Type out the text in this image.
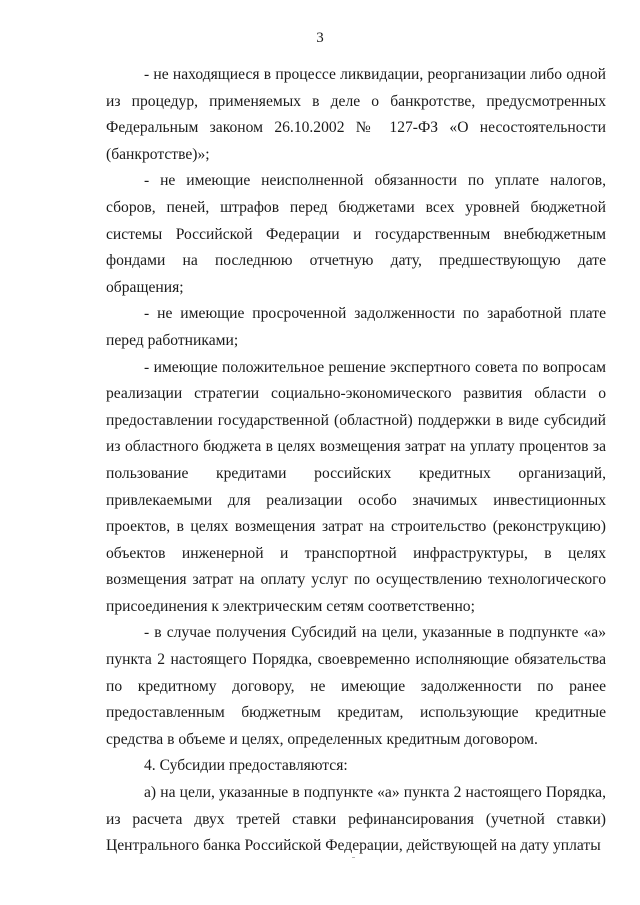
3

- не находящиеся в процессе ликвидации, реорганизации либо одной из процедур, применяемых в деле о банкротстве, предусмотренных Федеральным законом 26.10.2002 № 127-ФЗ «О несостоятельности (банкротстве)»;

- не имеющие неисполненной обязанности по уплате налогов, сборов, пеней, штрафов перед бюджетами всех уровней бюджетной системы Российской Федерации и государственным внебюджетным фондами на последнюю отчетную дату, предшествующую дате обращения;

- не имеющие просроченной задолженности по заработной плате перед работниками;

- имеющие положительное решение экспертного совета по вопросам реализации стратегии социально-экономического развития области о предоставлении государственной (областной) поддержки в виде субсидий из областного бюджета в целях возмещения затрат на уплату процентов за пользование кредитами российских кредитных организаций, привлекаемыми для реализации особо значимых инвестиционных проектов, в целях возмещения затрат на строительство (реконструкцию) объектов инженерной и транспортной инфраструктуры, в целях возмещения затрат на оплату услуг по осуществлению технологического присоединения к электрическим сетям соответственно;

- в случае получения Субсидий на цели, указанные в подпункте «а» пункта 2 настоящего Порядка, своевременно исполняющие обязательства по кредитному договору, не имеющие задолженности по ранее предоставленным бюджетным кредитам, использующие кредитные средства в объеме и целях, определенных кредитным договором.

4. Субсидии предоставляются:

а) на цели, указанные в подпункте «а» пункта 2 настоящего Порядка, из расчета двух третей ставки рефинансирования (учетной ставки) Центрального банка Российской Федерации, действующей на дату уплаты
